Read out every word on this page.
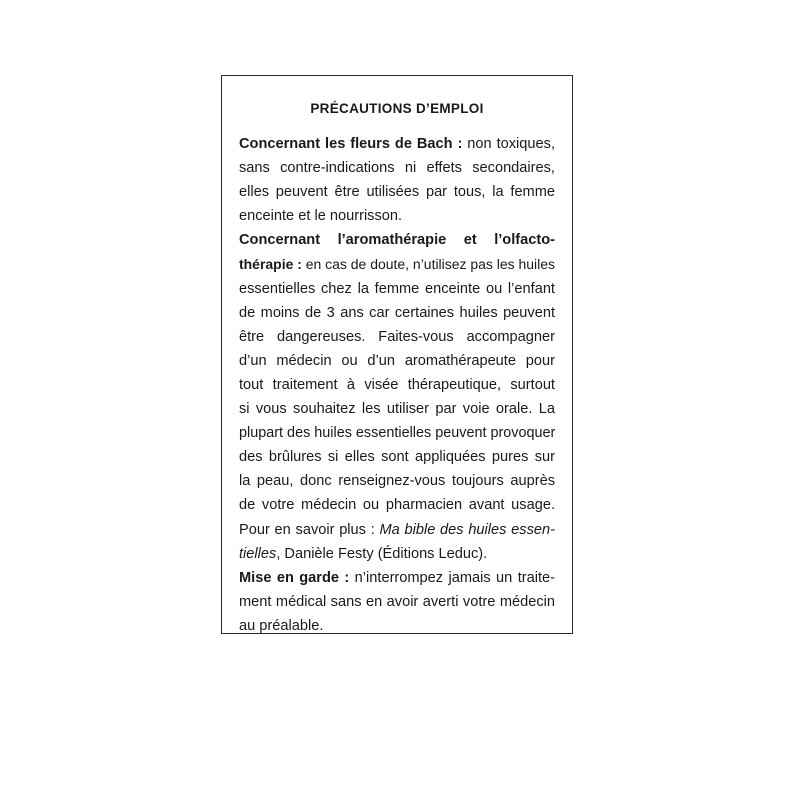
PRÉCAUTIONS D’EMPLOI
Concernant les fleurs de Bach : non toxiques,
sans contre-indications ni effets secondaires,
elles peuvent être utilisées par tous, la femme
enceinte et le nourrisson.
Concernant l’aromathérapie et l’olfacto-
thérapie : en cas de doute, n’utilisez pas les huiles
essentielles chez la femme enceinte ou l’enfant
de moins de 3 ans car certaines huiles peuvent
être dangereuses. Faites-vous accompagner
d’un médecin ou d’un aromathérapeute pour
tout traitement à visée thérapeutique, surtout
si vous souhaitez les utiliser par voie orale. La
plupart des huiles essentielles peuvent provoquer
des brûlures si elles sont appliquées pures sur
la peau, donc renseignez-vous toujours auprès
de votre médecin ou pharmacien avant usage.
Pour en savoir plus : Ma bible des huiles essen-
tielles, Danièle Festy (Éditions Leduc).
Mise en garde : n’interrompez jamais un traite-
ment médical sans en avoir averti votre médecin
au préalable.
